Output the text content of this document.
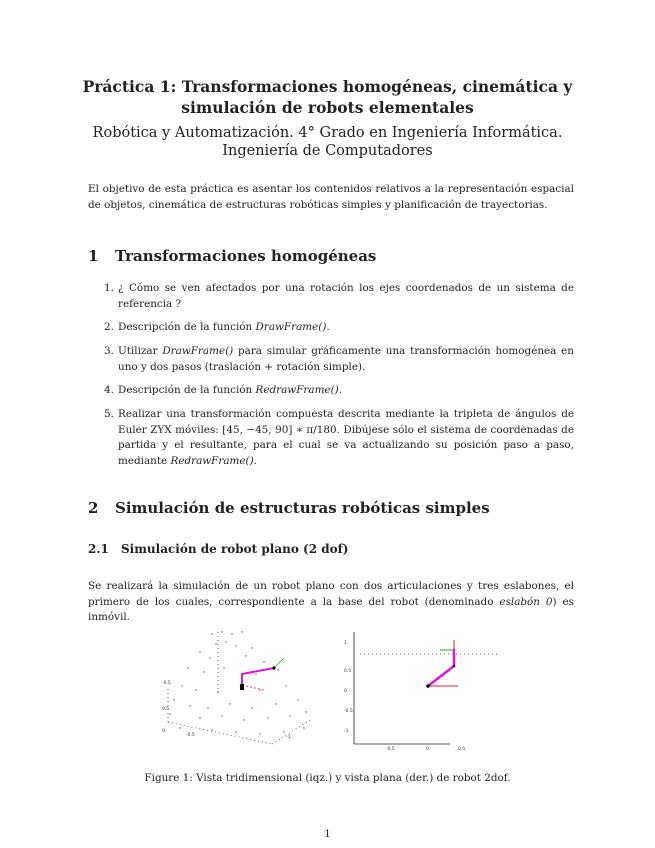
Práctica 1: Transformaciones homogéneas, cinemática y
simulación de robots elementales
Robótica y Automatización. 4° Grado en Ingeniería Informática.
Ingeniería de Computadores
El objetivo de esta práctica es asentar los contenidos relativos a la representación espacial de objetos, cinemática de estructuras robóticas simples y planificación de trayectorias.
1 Transformaciones homogéneas
1. ¿ Cómo se ven afectados por una rotación los ejes coordenados de un sistema de referencia ?
2. Descripción de la función DrawFrame().
3. Utilizar DrawFrame() para simular gráficamente una transformación homogénea en uno y dos pasos (traslación + rotación simple).
4. Descripción de la función RedrawFrame().
5. Realizar una transformación compuesta descrita mediante la tripleta de ángulos de Euler ZYX móviles: [45, −45, 90] ∗ π/180. Dibújese sólo el sistema de coordenadas de partida y el resultante, para el cual se va actualizando su posición paso a paso, mediante RedrawFrame().
2 Simulación de estructuras robóticas simples
2.1 Simulación de robot plano (2 dof)
Se realizará la simulación de un robot plano con dos articulaciones y tres eslabones, el primero de los cuales, correspondiente a la base del robot (denominado eslabón 0) es inmóvil.
-0.5
0.5
0
-0.5	-1
1
0.5
0
-0.5
-1
-0.5	0	0.5
Figure 1: Vista tridimensional (iqz.) y vista plana (der.) de robot 2dof.
1
